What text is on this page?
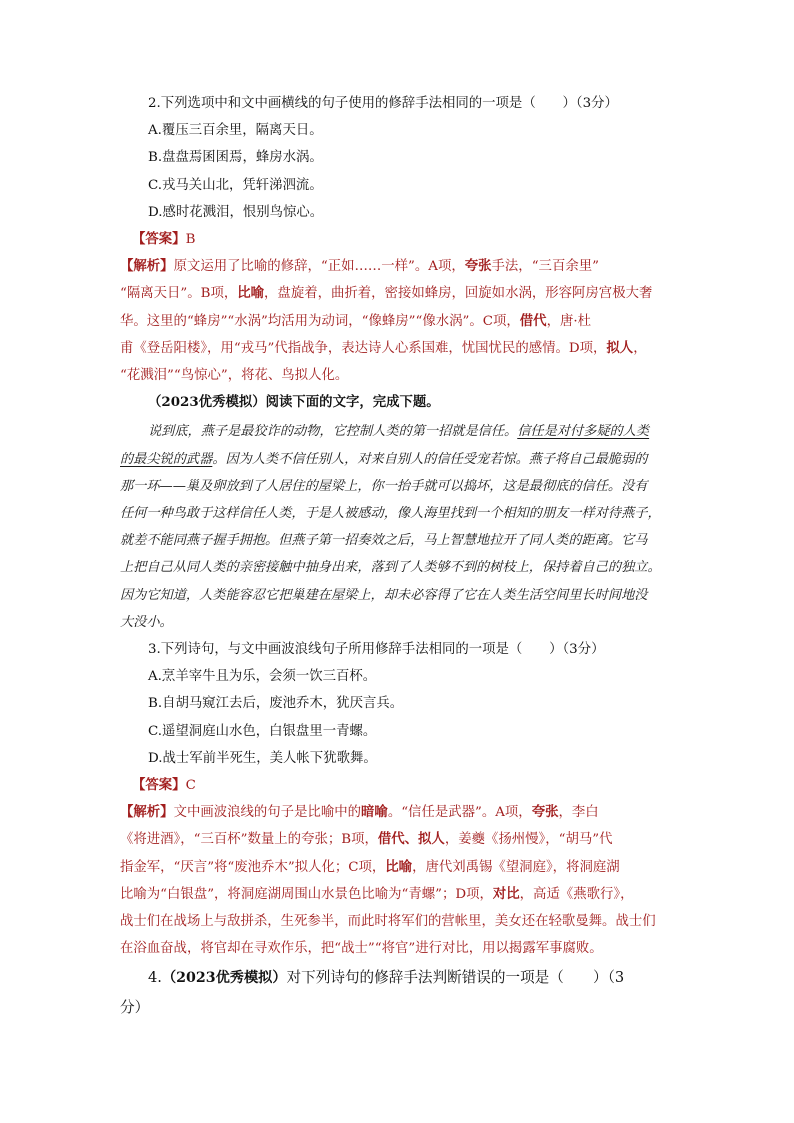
2.下列选项中和文中画横线的句子使用的修辞手法相同的一项是（　　）（3分）
A.覆压三百余里，隔离天日。
B.盘盘焉囷囷焉，蜂房水涡。
C.戎马关山北，凭轩涕泗流。
D.感时花溅泪，恨别鸟惊心。
【答案】B
【解析】原文运用了比喻的修辞，“正如……一样”。A项，夸张手法，“三百余里”
“隔离天日”。B项，比喻，盘旋着，曲折着，密接如蜂房，回旋如水涡，形容阿房宫极大奢
华。这里的“蜂房”“水涡”均活用为动词，“像蜂房”“像水涡”。C项，借代，唐·杜
甫《登岳阳楼》，用“戎马”代指战争，表达诗人心系国难，忧国忧民的感情。D项，拟人，
“花溅泪”“鸟惊心”，将花、鸟拟人化。
（2023优秀模拟）阅读下面的文字，完成下题。
说到底，燕子是最狡诈的动物，它控制人类的第一招就是信任。信任是对付多疑的人类
的最尖锐的武器。因为人类不信任别人，对来自别人的信任受宠若惊。燕子将自己最脆弱的
那一环——巢及卵放到了人居住的屋梁上，你一抬手就可以捣坏，这是最彻底的信任。没有
任何一种鸟敢于这样信任人类，于是人被感动，像人海里找到一个相知的朋友一样对待燕子，
就差不能同燕子握手拥抱。但燕子第一招奏效之后，马上智慧地拉开了同人类的距离。它马
上把自己从同人类的亲密接触中抽身出来，落到了人类够不到的树枝上，保持着自己的独立。
因为它知道，人类能容忍它把巢建在屋梁上，却未必容得了它在人类生活空间里长时间地没
大没小。
3.下列诗句，与文中画波浪线句子所用修辞手法相同的一项是（　　）（3分）
A.烹羊宰牛且为乐，会须一饮三百杯。
B.自胡马窥江去后，废池乔木，犹厌言兵。
C.遥望洞庭山水色，白银盘里一青螺。
D.战士军前半死生，美人帐下犹歌舞。
【答案】C
【解析】文中画波浪线的句子是比喻中的暗喻。“信任是武器”。A项，夸张，李白
《将进酒》，“三百杯”数量上的夸张；B项，借代、拟人，姜夔《扬州慢》，“胡马”代
指金军，“厌言”将“废池乔木”拟人化；C项，比喻，唐代刘禹锡《望洞庭》，将洞庭湖
比喻为“白银盘”，将洞庭湖周围山水景色比喻为“青螺”；D项，对比，高适《燕歌行》，
战士们在战场上与敌拼杀，生死参半，而此时将军们的营帐里，美女还在轻歌曼舞。战士们
在浴血奋战，将官却在寻欢作乐，把“战士”“将官”进行对比，用以揭露军事腐败。
4.（2023优秀模拟）对下列诗句的修辞手法判断错误的一项是（　　）（3
分）
